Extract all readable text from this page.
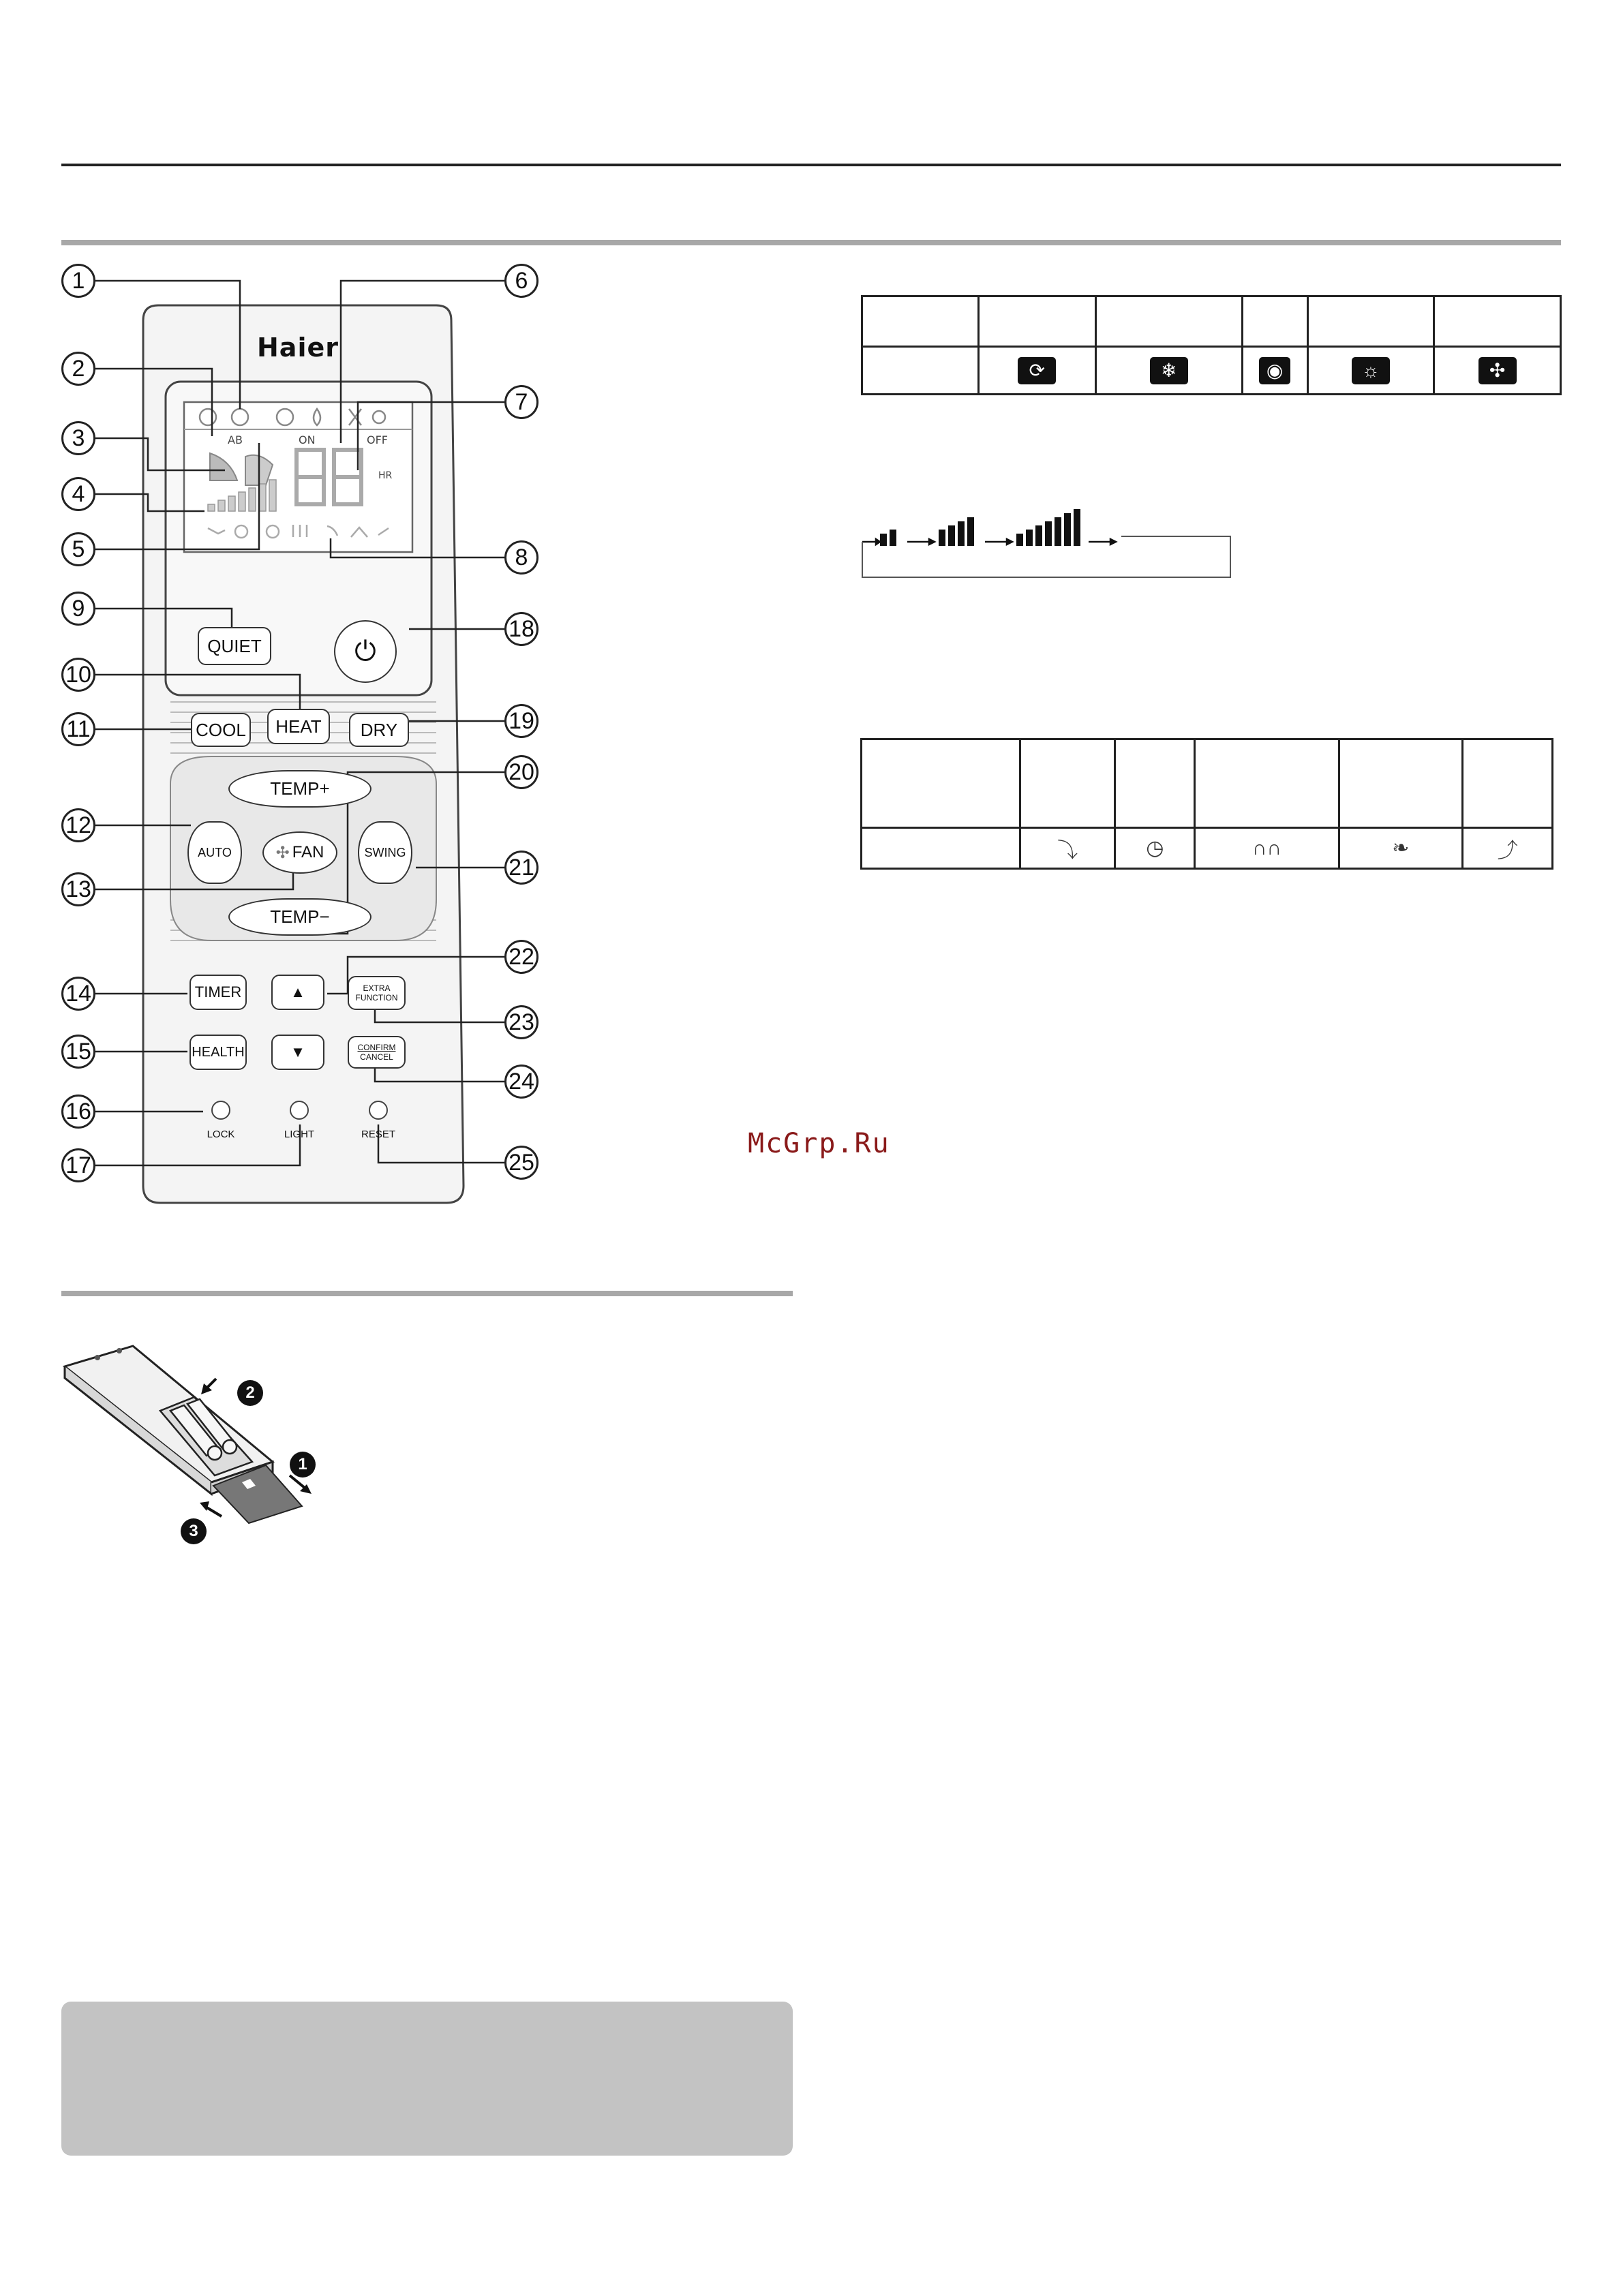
AB	ON	OFF
HR
Haier
QUIET	⏻
HEAT
COOL	DRY
TEMP+
TEMP−
AUTO	SWING
✣ FAN
TIMER
HEALTH
▲
▼
EXTRA
FUNCTION
CONFIRM
CANCEL
LOCK	LIGHT	RESET
1
2
3
4
5
9
10
11
12
13
14
15
16
17
6
7
8
18
19
20
21
22
23
24
25

	⟳	❄	◉	☼	✣

	⤵	◷	∩∩	❧	⤴
McGrp.Ru
2
1
3
